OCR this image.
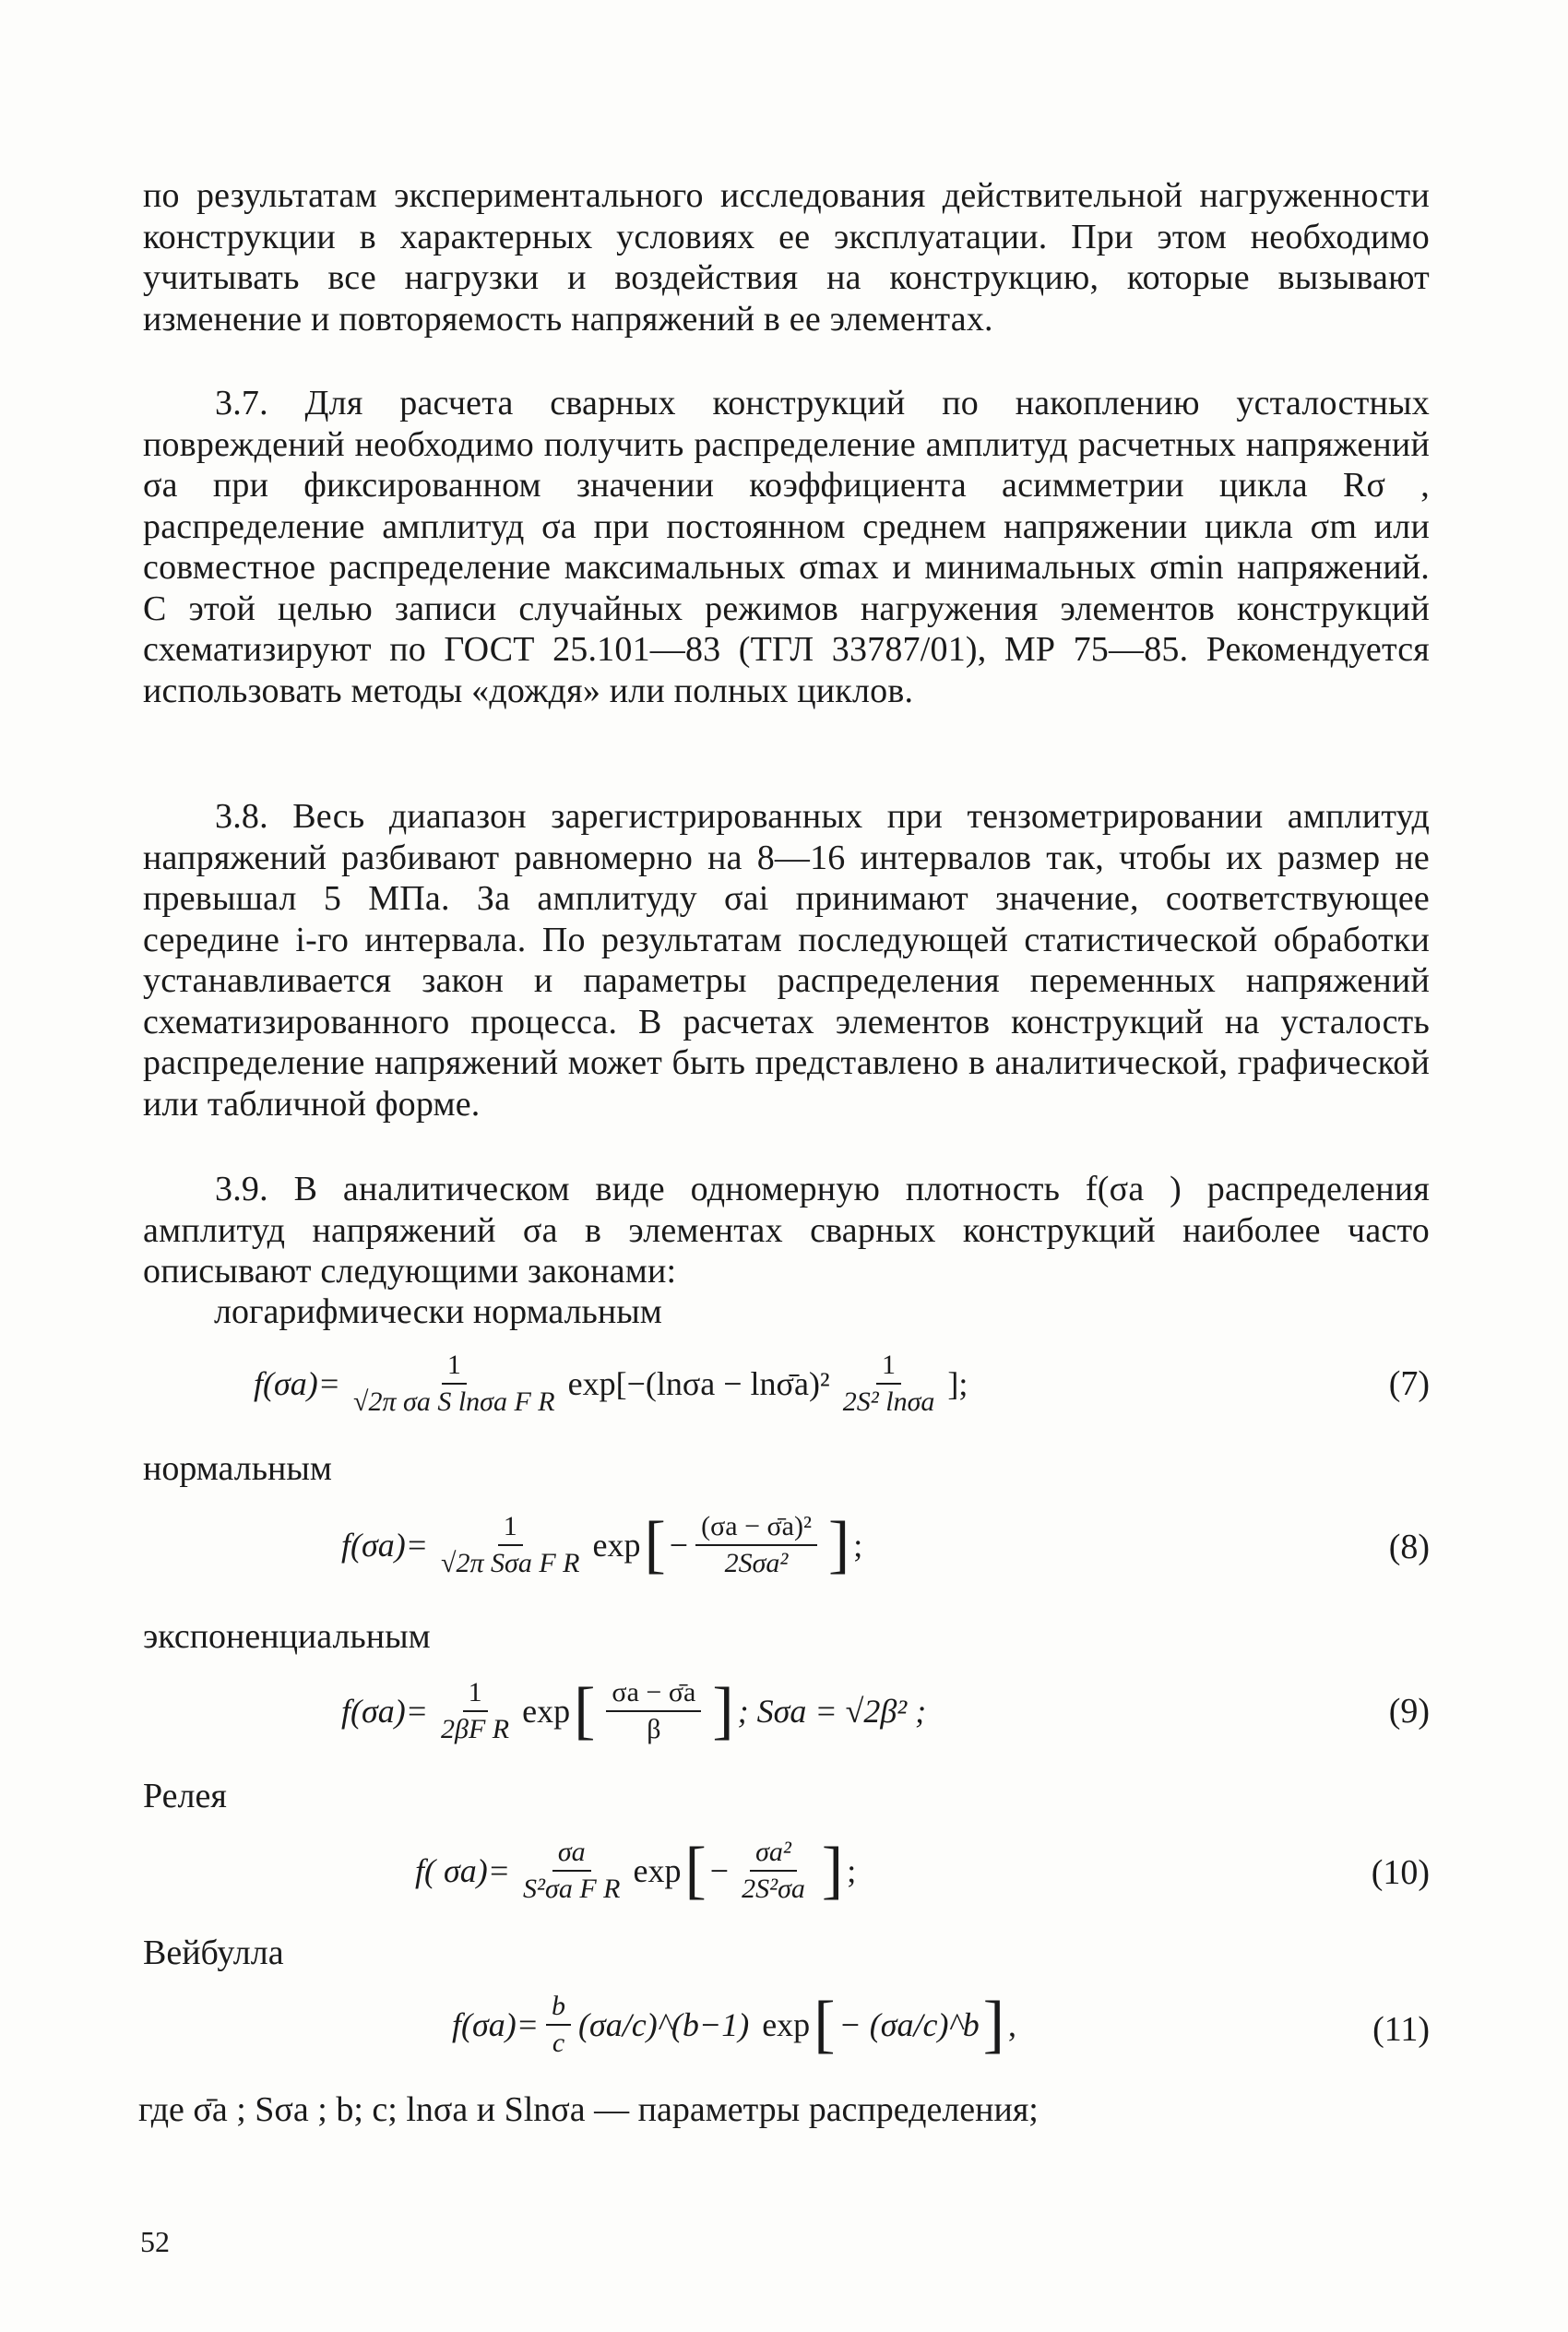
по результатам экспериментального исследования действительной нагруженности конструкции в характерных условиях ее эксплуатации. При этом необходимо учитывать все нагрузки и воздействия на конструкцию, которые вызывают изменение и повторяемость напряжений в ее элементах.

3.7. Для расчета сварных конструкций по накоплению усталостных повреждений необходимо получить распределение амплитуд расчетных напряжений σa при фиксированном значении коэффициента асимметрии цикла Rσ , распределение амплитуд σa при постоянном среднем напряжении цикла σm или совместное распределение максимальных σmax и минимальных σmin напряжений. С этой целью записи случайных режимов нагружения элементов конструкций схематизируют по ГОСТ 25.101—83 (ТГЛ 33787/01), МР 75—85. Рекомендуется использовать методы «дождя» или полных циклов.

3.8. Весь диапазон зарегистрированных при тензометрировании амплитуд напряжений разбивают равномерно на 8—16 интервалов так, чтобы их размер не превышал 5 МПа. За амплитуду σai принимают значение, соответствующее середине i-го интервала. По результатам последующей статистической обработки устанавливается закон и параметры распределения переменных напряжений схематизированного процесса. В расчетах элементов конструкций на усталость распределение напряжений может быть представлено в аналитической, графической или табличной форме.

3.9. В аналитическом виде одномерную плотность f(σa ) распределения амплитуд напряжений σa в элементах сварных конструкций наиболее часто описывают следующими законами:

логарифмически нормальным
нормальным
экспоненциальным
Релея
Вейбулла
$f(\sigma a)= \frac{1}{\text{√2π σa S lnσa F R}} \exp[-(\ln\sigma a$ − lnσ̄a)² $\frac{1}{\text{2S² lnσa}}$ ];	(7)
$f(\sigma a)= \frac{1}{\text{√2π Sσa F R}}$ exp [ − $\frac{\text{(σa − σ̄a)²}}{\text{2Sσa²}}$ ] ;	(8)
$f(\sigma a)= \frac{1}{\text{2βF R}}$ exp [ $\frac{\sigma a - \sigmāa}{\beta}$ ] ; Sσa = √2β² ;	(9)
f( $\sigma a)= \frac{\sigma a}{\text{S²σa F R}}$ exp [ − $\frac{\text{σa²}}{\text{2S²σa}}$ ] ;	(10)
$f(\sigma a)= \frac{b}{c}$ (σa/c)^(b−1) exp [ − (σa/c)^b ] ,	(11)
где σ̄a ; Sσa ; b; c; lnσa и Slnσa — параметры распределения;
52
